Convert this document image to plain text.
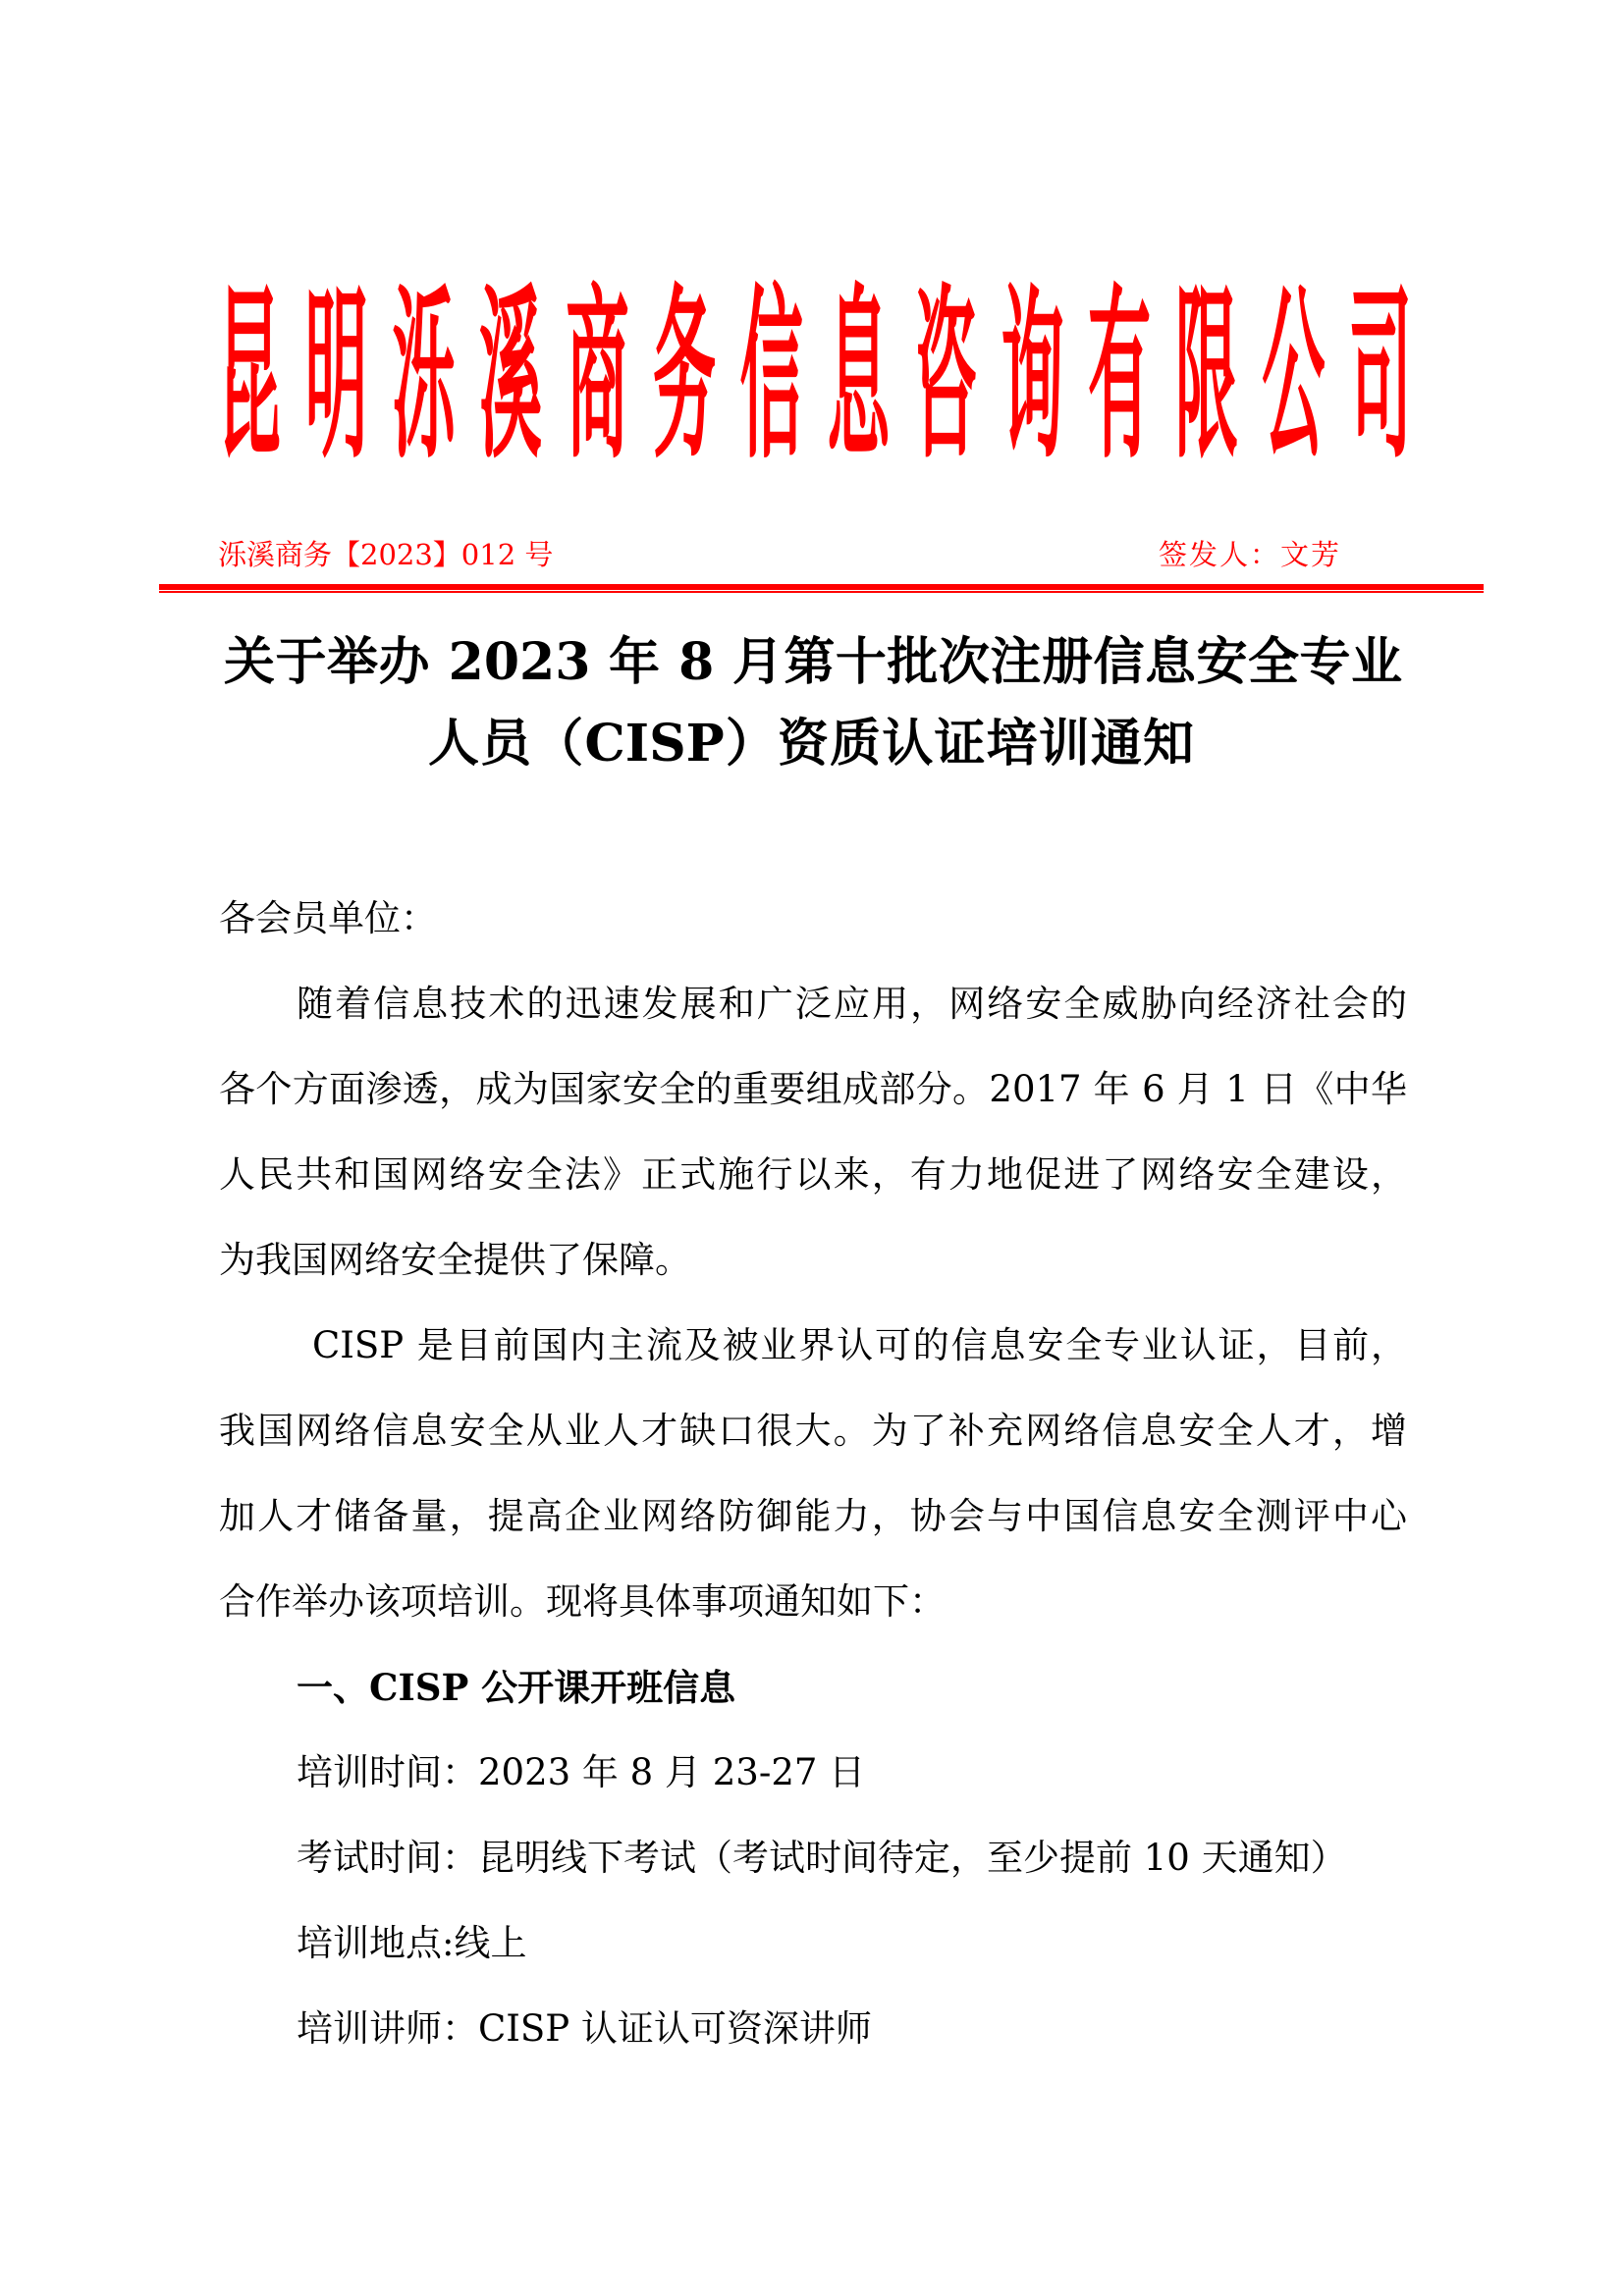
昆 明 泺 溪 商 务 信 息 咨 询 有 限 公 司
泺溪商务【2023】012 号	签发人：文芳
关于举办 2023 年 8 月第十批次注册信息安全专业
人员（CISP）资质认证培训通知
各会员单位：
随着信息技术的迅速发展和广泛应用，网络安全威胁向经济社会的
各个方面渗透，成为国家安全的重要组成部分。2017 年 6 月 1 日《中华
人民共和国网络安全法》正式施行以来，有力地促进了网络安全建设，
为我国网络安全提供了保障。
CISP 是目前国内主流及被业界认可的信息安全专业认证，目前，
我国网络信息安全从业人才缺口很大。为了补充网络信息安全人才，增
加人才储备量，提高企业网络防御能力，协会与中国信息安全测评中心
合作举办该项培训。现将具体事项通知如下：
一、CISP 公开课开班信息
培训时间：2023 年 8 月 23-27 日
考试时间：昆明线下考试（考试时间待定，至少提前 10 天通知）
培训地点:线上
培训讲师：CISP 认证认可资深讲师
